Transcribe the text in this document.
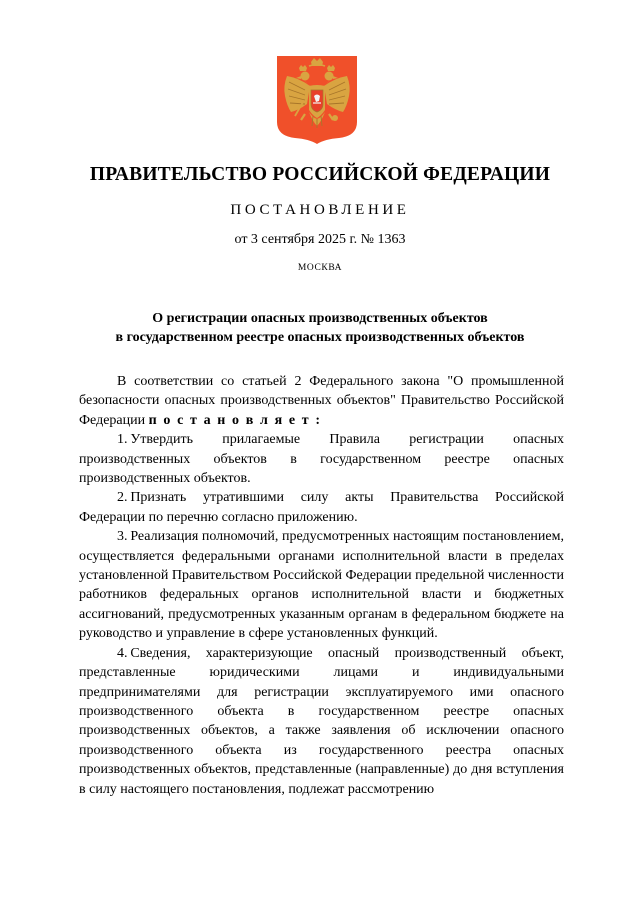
ПРАВИТЕЛЬСТВО РОССИЙСКОЙ ФЕДЕРАЦИИ
ПОСТАНОВЛЕНИЕ
от 3 сентября 2025 г. № 1363
МОСКВА
О регистрации опасных производственных объектов
в государственном реестре опасных производственных объектов

В соответствии со статьей 2 Федерального закона "О промышленной безопасности опасных производственных объектов" Правительство Российской Федерации п о с т а н о в л я е т :

1.  Утвердить прилагаемые Правила регистрации опасных производственных объектов в государственном реестре опасных производственных объектов.

2.  Признать утратившими силу акты Правительства Российской Федерации по перечню согласно приложению.

3.  Реализация полномочий, предусмотренных настоящим постановлением, осуществляется федеральными органами исполнительной власти в пределах установленной Правительством Российской Федерации предельной численности работников федеральных органов исполнительной власти и бюджетных ассигнований, предусмотренных указанным органам в федеральном бюджете на руководство и управление в сфере установленных функций.

4.  Сведения, характеризующие опасный производственный объект, представленные юридическими лицами и индивидуальными предпринимателями для регистрации эксплуатируемого ими опасного производственного объекта в государственном реестре опасных производственных объектов, а также заявления об исключении опасного производственного объекта из государственного реестра опасных производственных объектов, представленные (направленные) до дня вступления в силу настоящего постановления, подлежат рассмотрению
